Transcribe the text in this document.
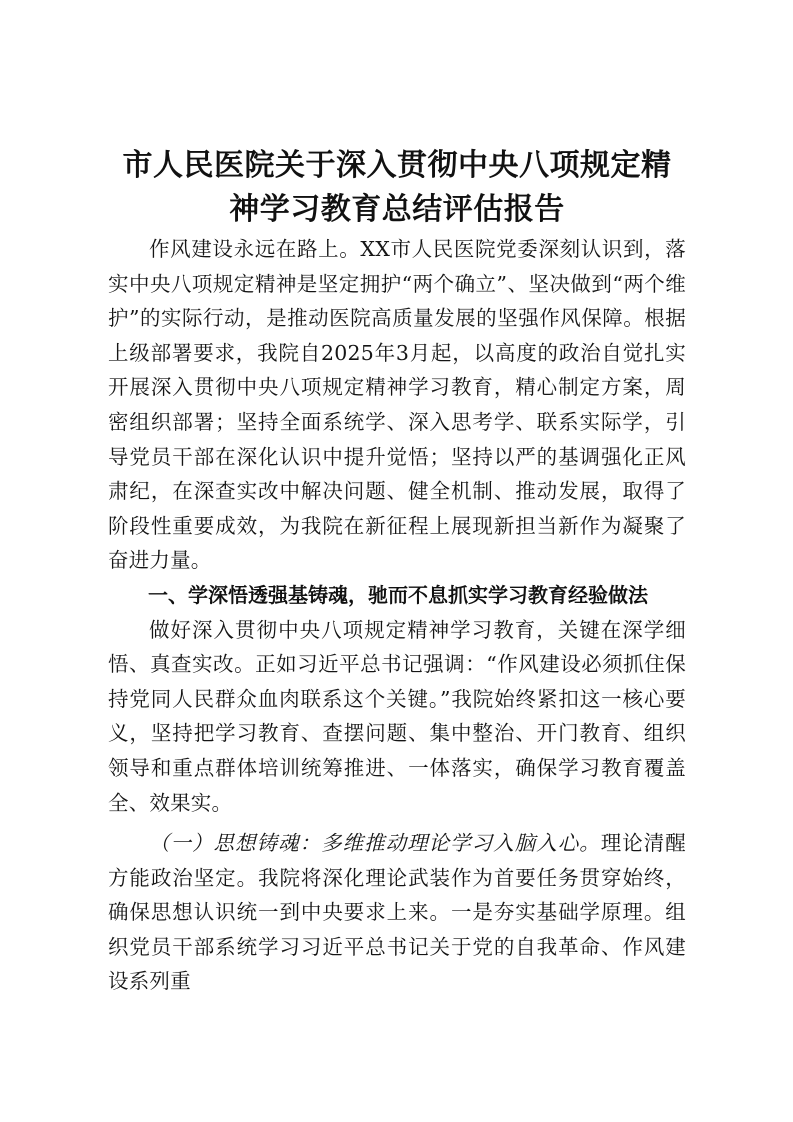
市人民医院关于深入贯彻中央八项规定精神学习教育总结评估报告

作风建设永远在路上。XX市人民医院党委深刻认识到，落实中央八项规定精神是坚定拥护“两个确立”、坚决做到“两个维护”的实际行动，是推动医院高质量发展的坚强作风保障。根据上级部署要求，我院自2025年3月起，以高度的政治自觉扎实开展深入贯彻中央八项规定精神学习教育，精心制定方案，周密组织部署；坚持全面系统学、深入思考学、联系实际学，引导党员干部在深化认识中提升觉悟；坚持以严的基调强化正风肃纪，在深查实改中解决问题、健全机制、推动发展，取得了阶段性重要成效，为我院在新征程上展现新担当新作为凝聚了奋进力量。

一、学深悟透强基铸魂，驰而不息抓实学习教育经验做法

做好深入贯彻中央八项规定精神学习教育，关键在深学细悟、真查实改。正如习近平总书记强调：“作风建设必须抓住保持党同人民群众血肉联系这个关键。”我院始终紧扣这一核心要义，坚持把学习教育、查摆问题、集中整治、开门教育、组织领导和重点群体培训统筹推进、一体落实，确保学习教育覆盖全、效果实。

（一）思想铸魂：多维推动理论学习入脑入心。理论清醒方能政治坚定。我院将深化理论武装作为首要任务贯穿始终，确保思想认识统一到中央要求上来。一是夯实基础学原理。组织党员干部系统学习习近平总书记关于党的自我革命、作风建设系列重
